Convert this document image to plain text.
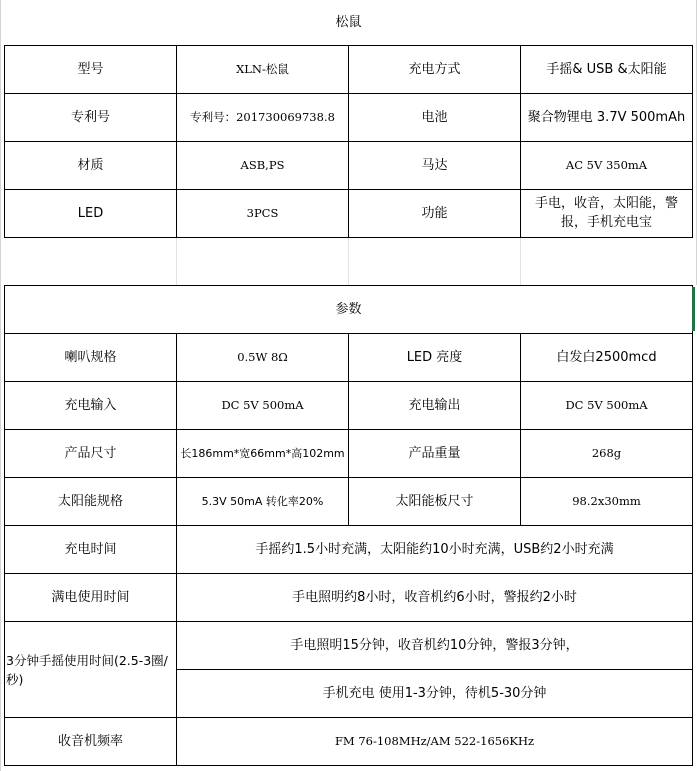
松鼠			
型号	XLN-松鼠	充电方式	手摇& USB &太阳能
专利号	专利号：201730069738.8	电池	聚合物锂电 3.7V 500mAh
材质	ASB,PS	马达	AC 5V 350mA
LED	3PCS	功能	手电，收音，太阳能，警报，手机充电宝
参数			
喇叭规格	0.5W 8Ω	LED 亮度	白发白2500mcd
充电输入	DC 5V 500mA	充电输出	DC 5V 500mA
产品尺寸	长186mm*宽66mm*高102mm	产品重量	268g
太阳能规格	5.3V 50mA 转化率20%	太阳能板尺寸	98.2x30mm
充电时间	手摇约1.5小时充满，太阳能约10小时充满，USB约2小时充满		
满电使用时间	手电照明约8小时，收音机约6小时，警报约2小时		
3分钟手摇使用时间(2.5-3圈/秒)	手电照明15分钟，收音机约10分钟，警报3分钟，		
	手机充电 使用1-3分钟，待机5-30分钟		
收音机频率	FM 76-108MHz/AM 522-1656KHz		
